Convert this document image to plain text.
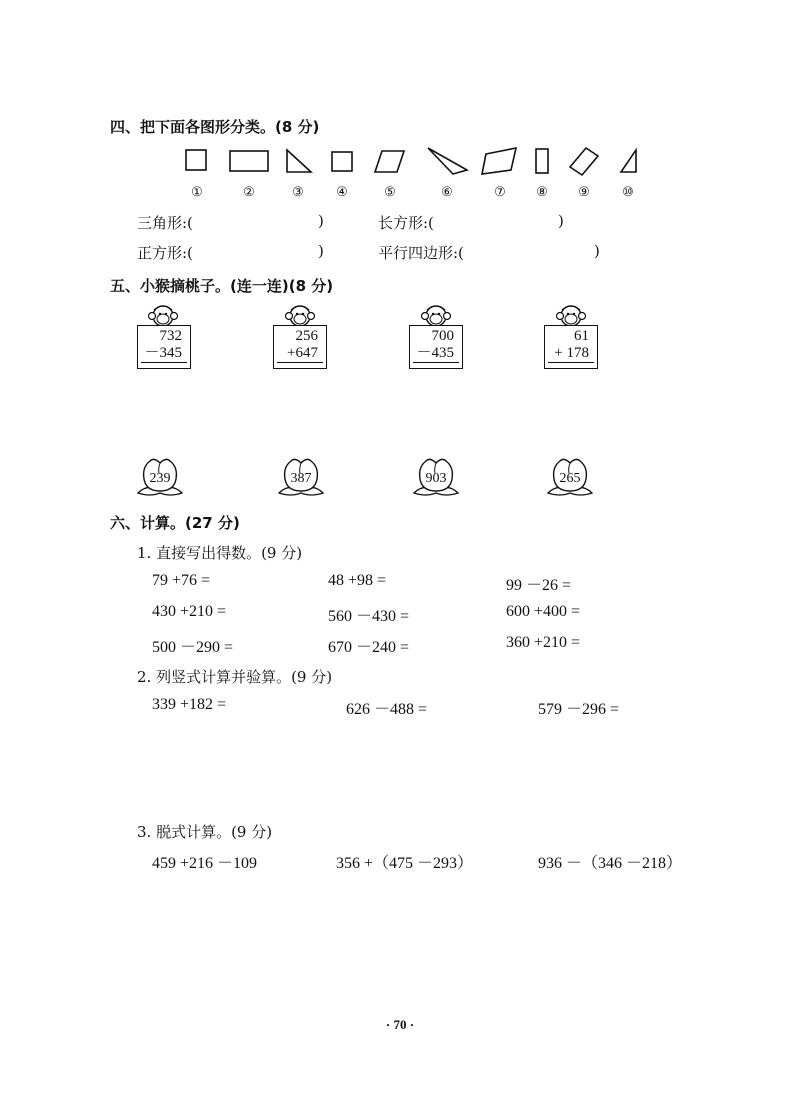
四、把下面各图形分类。(8 分)
①	②	③	④	⑤	⑥	⑦	⑧	⑨	⑩
三角形:(	)	长方形:(	)
正方形:(	)	平行四边形:(	)
五、小猴摘桃子。(连一连)(8 分)
732
－345
256
+647
700
－435
61
+ 178
239	387	903	265
六、计算。(27 分)
1. 直接写出得数。(9 分)
79 +76 =	48 +98 =	99 －26 =
430 +210 =	560 －430 =	600 +400 =
500 －290 =	670 －240 =	360 +210 =
2. 列竖式计算并验算。(9 分)
339 +182 =	626 －488 =	579 －296 =
3. 脱式计算。(9 分)
459 +216 －109	356 +（475 －293）	936 －（346 －218）
· 70 ·
